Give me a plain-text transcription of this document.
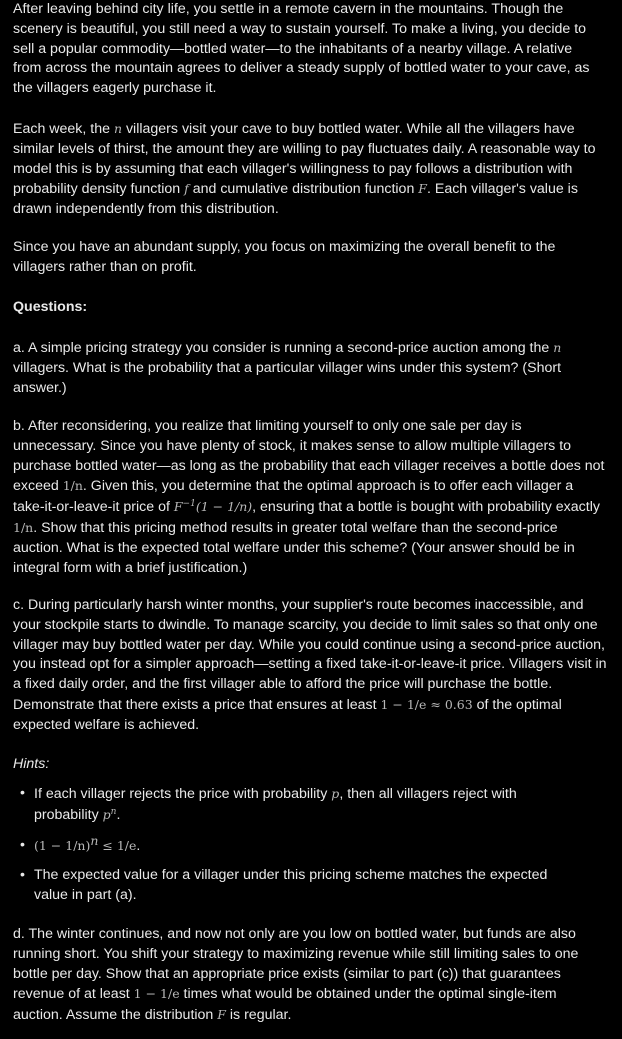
After leaving behind city life, you settle in a remote cavern in the mountains. Though the scenery is beautiful, you still need a way to sustain yourself. To make a living, you decide to sell a popular commodity—bottled water—to the inhabitants of a nearby village. A relative from across the mountain agrees to deliver a steady supply of bottled water to your cave, as the villagers eagerly purchase it.

Each week, the n villagers visit your cave to buy bottled water. While all the villagers have similar levels of thirst, the amount they are willing to pay fluctuates daily. A reasonable way to model this is by assuming that each villager's willingness to pay follows a distribution with probability density function f and cumulative distribution function F. Each villager's value is drawn independently from this distribution.

Since you have an abundant supply, you focus on maximizing the overall benefit to the villagers rather than on profit.

Questions:

a. A simple pricing strategy you consider is running a second-price auction among the n villagers. What is the probability that a particular villager wins under this system? (Short answer.)

b. After reconsidering, you realize that limiting yourself to only one sale per day is unnecessary. Since you have plenty of stock, it makes sense to allow multiple villagers to purchase bottled water—as long as the probability that each villager receives a bottle does not exceed 1/n. Given this, you determine that the optimal approach is to offer each villager a take-it-or-leave-it price of $F^{-1}(1 - 1/n)$, ensuring that a bottle is bought with probability exactly 1/n. Show that this pricing method results in greater total welfare than the second-price auction. What is the expected total welfare under this scheme? (Your answer should be in integral form with a brief justification.)

c. During particularly harsh winter months, your supplier's route becomes inaccessible, and your stockpile starts to dwindle. To manage scarcity, you decide to limit sales so that only one villager may buy bottled water per day. While you could continue using a second-price auction, you instead opt for a simpler approach—setting a fixed take-it-or-leave-it price. Villagers visit in a fixed daily order, and the first villager able to afford the price will purchase the bottle. Demonstrate that there exists a price that ensures at least 1 − 1/e ≈ 0.63 of the optimal expected welfare is achieved.

Hints:

• If each villager rejects the price with probability p, then all villagers reject with probability $p^n$.
• $(1 - 1/n)^n \le 1/e$.
• The expected value for a villager under this pricing scheme matches the expected value in part (a).

d. The winter continues, and now not only are you low on bottled water, but funds are also running short. You shift your strategy to maximizing revenue while still limiting sales to one bottle per day. Show that an appropriate price exists (similar to part (c)) that guarantees revenue of at least 1 − 1/e times what would be obtained under the optimal single-item auction. Assume the distribution F is regular.
